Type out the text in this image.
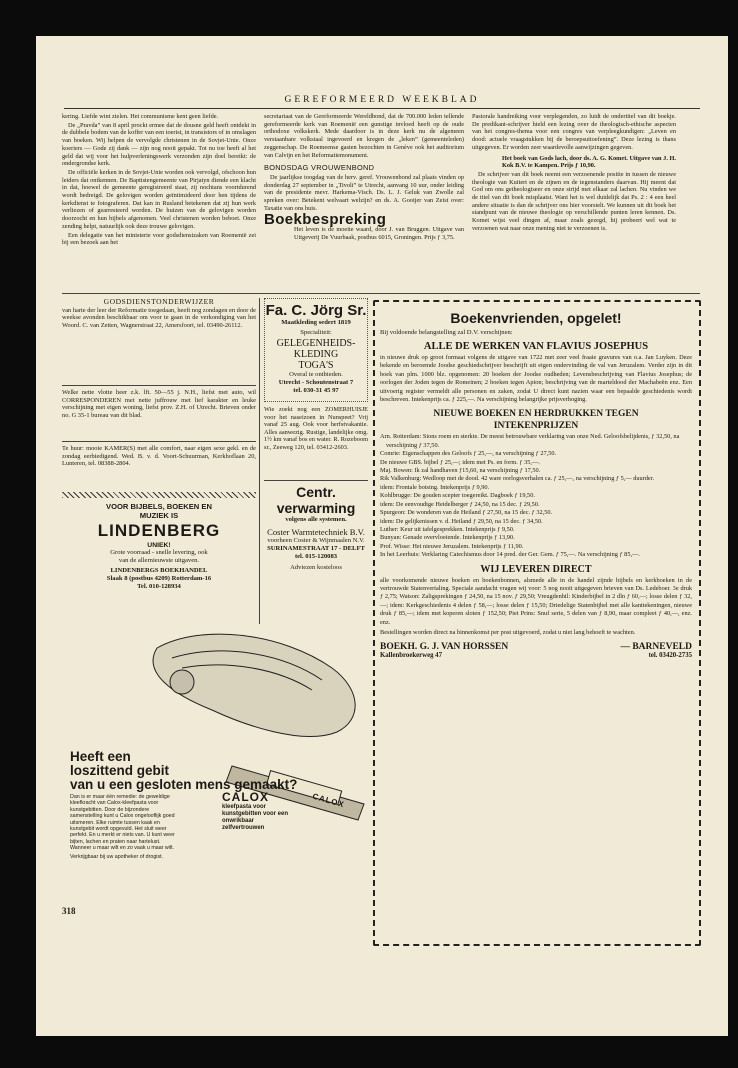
GEREFORMEERD WEEKBLAD

kering. Liefde wint zielen. Het communisme kent geen liefde.

De „Pravda” van 8 april prockt ermee dat de dousne geld heeft ontdekt in de dubbele bodem van de koffer van een toerist, in transistors of in omslagen van boeken. Wij helpen de vervolgde christenen in de Sovjet-Unie. Onze koeriers — Gode zij dank — zijn nog nooit gepakt. Tot nu toe heeft al het geld dat wij voor het hulpverleningswerk verzonden zijn doel bereikt: de ondergrondse kerk.

De officiële kerken in de Sovjet-Unie worden ook vervolgd, ofschoon hun leiders dat ontkennen. De Baptistengemeente van Pirjatyn diende een klacht in dat, hoewel de gemeente geregistreerd staat, zij nochtans voortdurend wordt bedreigd. De gelovigen worden geïntimideerd door hen tijdens de kerkdienst te fotograferen. Dat kan in Rusland betekenen dat zij hun werk verliezen of gearresteerd worden. De huizen van de gelovigen worden doorzocht en hun bijbels afgenomen. Veel christenen worden beboet. Onze zending helpt, natuurlijk ook deze trouwe gelovigen.

Een delegatie van het ministerie voor godsdienstzaken van Roemenië zei bij een bezoek aan het

secretariaat van de Gereformeerde Wereldbond, dat de 700.000 leden tellende gereformeerde kerk van Roemenië een gunstige invloed heeft op de oude orthodoxe volkskerk. Mede daardoor is in deze kerk nu de algemeen verstaanbare volkstaal ingevoerd en kregen de „leken” (gemeenteleden) zeggenschap. De Roemeense gasten bezochten in Genève ook het auditorium van Calvijn en het Reformatiemonument.

BONDSDAG VROUWENBOND

De jaarlijkse toogdag van de herv. geref. Vrouwenbond zal plaats vinden op donderdag 27 september in „Tivoli” te Utrecht, aanvang 10 uur, onder leiding van de presidente mevr. Harkema-Visch. Ds. L. J. Geluk van Zwolle zal spreken over: Betekent welvaart welzijn? en ds. A. Gooijer van Zeist over: Taxatie van ons huis.

Boekbespreking

Het leven is de moeite waard, door J. van Bruggen. Uitgave van Uitgeverij De Vuurbaak, postbus 6015, Groningen. Prijs ƒ 3,75.

Pastorale handreiking voor verplegenden, zo luidt de ondertitel van dit boekje. De predikant-schrijver hield een lezing over de theologisch-ethische aspecten van het congres-thema voor een congres van verpleegkundigen: „Leven en dood: actuele vraagstukken bij de beroepsuitoefening”. Deze lezing is thans uitgegeven. Er worden zeer waardevolle aanwijzingen gegeven.

Het boek van Gods lach, door ds. A. G. Komet. Uitgave van J. H. Kok B.V. te Kampen. Prijs ƒ 10,90.

De schrijver van dit boek neemt een verzoenende positie in tussen de nieuwe theologie van Kuitert en de zijnen en de tegenstanders daarvan. Hij meent dat God om ons getheologiseer en onze strijd met elkaar zal lachen. Nu vinden we de titel van dit boek misplaatst. Want het is wel duidelijk dat Ps. 2 : 4 een heel andere situatie is dan de schrijver ons hier voorstelt. We kunnen uit dit boek het standpunt van de nieuwe theologie op verschillende punten leren kennen. Ds. Komet wijst veel dingen af, maar zoals gezegd, hij probeert wel wat te verzoenen wat naar onze mening niet te verzoenen is.

GODSDIENSTONDERWIJZER

van harte der leer der Reformatie toegedaan, heeft nog zondagen en door de weekse avonden beschikbaar om voor te gaan in de verkondiging van het Woord. C. van Zetten, Wagnerstraat 22, Amersfoort, tel. 03490-26112.

Welke nette vlotte heer z.k. lft. 50—55 j. N.H., liefst met auto, wil CORRESPONDEREN met nette juffrouw met lief karakter en leuke verschijning met eigen woning, liefst prov. Z.H. of Utrecht. Brieven onder no. G 35-1 bureau van dit blad.

Te huur: mooie KAMER(S) met alle comfort, naar eigen sexe gekl. en de zondag eerbiedigend. Wed. B. v. d. Voort-Schuurman, Kerkhoflaan 20, Lunteren, tel. 08388-2804.

VOOR BIJBELS, BOEKEN EN
MUZIEK IS
LINDENBERG
UNIEK!
Grote voorraad - snelle levering, ook
van de allernieuwste uitgaven.
LINDENBERGS BOEKHANDEL
Slaak 8 (postbus 4209) Rotterdam-16
Tel. 010-128934
Fa. C. Jörg Sr.
Maatkleding sedert 1819
Specialiteit:
GELEGENHEIDS-
KLEDING
TOGA'S
Overal te ontbieden.
Utrecht - Schoutenstraat 7
tel. 030-31 45 97

Wie zoekt nog een ZOMERHUISJE voor het naseizoen in Nunspeet? Vrij vanaf 25 aug. Ook voor herfstvakantie. Alles aanwezig. Rustige, landelijke omg. 1½ km vanaf bos en water. R. Rozeboom sr., Zeeweg 120, tel. 03412-2603.

Centr. verwarming
volgens alle systemen.
Coster Warmtetechniek B.V.
voorheen Coster & Wijnmaalen N.V.
SURINAMESTRAAT 17 - DELFT
tel. 015-120083
Adviezen kosteloos
CALOX
Heeft een
loszittend gebit
van u een gesloten mens gemaakt?
Dan is er maar één remedie: de geweldige kleefkracht van Calox-kleefpasta voor kunstgebitten. Door de bijzondere samenstelling kunt u Calox ongelooflijk goed uitsmeren. Elke ruimte tussen kaak en kunstgebit wordt opgevuld. Het sluit weer perfekt. En u merkt er niets van. U kunt weer bijten, lachen en praten naar hartelust. Wanneer u maar wilt en zo vaak u maar wilt.
Verkrijgbaar bij uw apotheker of drogist.
CALOX
kleefpasta voor kunstgebitten voor een onwrikbaar zelfvertrouwen
Boekenvrienden, opgelet!
Bij voldoende belangstelling zal D.V. verschijnen:
ALLE DE WERKEN VAN FLAVIUS JOSEPHUS
in nieuwe druk op groot formaat volgens de uitgave van 1722 met zeer veel fraaie gravures van o.a. Jan Luyken. Deze bekende en beroemde Joodse geschiedschrijver beschrijft uit eigen ondervinding de val van Jeruzalem. Verder zijn in dit boek van plm. 1000 blz. opgenomen: 20 boeken der Joodse oudheden; Levensbeschrijving van Flavius Josephus; de oorlogen der Joden tegen de Romeinen; 2 boeken tegen Apion; beschrijving van de marteldood der Machabeën enz. Een uitvoerig register vermeldt alle personen en zaken, zodat U direct kunt nazien waar een bepaalde geschiedenis wordt beschreven. Intekenprijs ca. ƒ 225,—. Na verschijning belangrijke prijsverhoging.
NIEUWE BOEKEN EN HERDRUKKEN TEGEN
INTEKENPRIJZEN

Arn. Rotterdam: Sions roem en sterkte. De meest betrouwbare verklaring van onze Ned. Geloofsbelijdenis, ƒ 32,50, na verschijning ƒ 37,50.

Comrie: Eigenschappen des Geloofs ƒ 25,—, na verschijning ƒ 27,50.

De nieuwe GBS. bijbel ƒ 25,—; idem met Ps. en form. ƒ 35,—.

Maj. Bowen: Ik zal handhaven ƒ15,60, na verschijning ƒ 17,50.

Rik Valkenburg: Wedloop met de dood. 42 ware oorlogsverhalen ca. ƒ 25,—, na verschijning ƒ 5,— duurder.

idem: Frontale botsing. Intekenprijs ƒ 9,90.

Kohlbrugge: De gouden scepter toegereikt. Dagboek ƒ 19,50.

idem: De eenvoudige Heidelberger ƒ 24,50, na 15 dec. ƒ 29,50.

Spurgeon: De wonderen van de Heiland ƒ 27,50, na 15 dec. ƒ 32,50.

idem: De gelijkenissen v. d. Heiland ƒ 29,50, na 15 dec. ƒ 34,50.

Luther: Keur uit tafelgesprekken. Intekenprijs ƒ 9,50.

Bunyan: Genade overvloeiende. Intekenprijs ƒ 13,90.

Prof. Wisse: Het nieuwe Jeruzalem. Intekenprijs ƒ 11,90.

In het Leerhuis: Verklaring Catechismus door 14 pred. der Ger. Gem. ƒ 75,—. Na verschijning ƒ 85,—.

WIJ LEVEREN DIRECT
alle voorkomende nieuwe boeken en boekenbonnen, alsmede alle in de handel zijnde bijbels en kerkboeken in de vertrouwde Statenvertaling. Speciale aandacht vragen wij voor: 5 nog nooit uitgegeven brieven van Ds. Ledeboer. 3e druk ƒ 2,75; Watson: Zaligsprekingen ƒ 24,50, na 15 nov. ƒ 29,50; Vreugdenhil: Kinderbijbel in 2 dln ƒ 60,—; losse delen ƒ 32,—; idem: Kerkgeschiedenis 4 delen ƒ 58,—; losse delen ƒ 15,50; Driedelige Statenbijbel met alle kanttekeningen, nieuwe druk ƒ 85,—; idem met koperen sloten ƒ 152,50; Piet Prins: Snuf serie, 5 delen van ƒ 8,90, maar compleet ƒ 40,—, enz. enz.
Bestellingen worden direct na binnenkomst per post uitgevoerd, zodat u niet lang behoeft te wachten.
BOEKH. G. J. VAN HORSSEN	— BARNEVELD
Kallenbroekerweg 47	tel. 03420-2735
318
